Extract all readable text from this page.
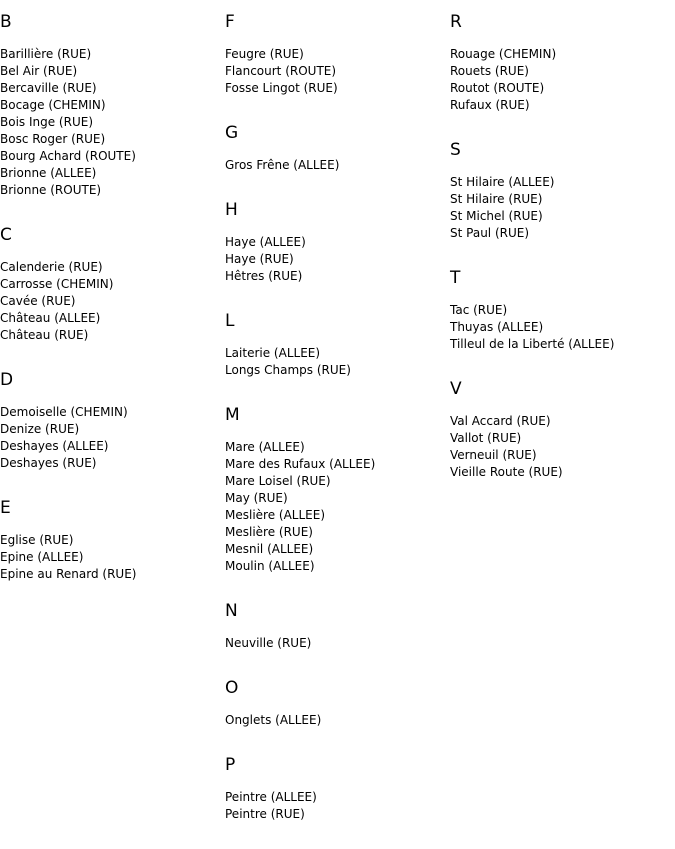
B
Barillière (RUE)
Bel Air (RUE)
Bercaville (RUE)
Bocage (CHEMIN)
Bois Inge (RUE)
Bosc Roger (RUE)
Bourg Achard (ROUTE)
Brionne (ALLEE)
Brionne (ROUTE)
C
Calenderie (RUE)
Carrosse (CHEMIN)
Cavée (RUE)
Château (ALLEE)
Château (RUE)
D
Demoiselle (CHEMIN)
Denize (RUE)
Deshayes (ALLEE)
Deshayes (RUE)
E
Eglise (RUE)
Epine (ALLEE)
Epine au Renard (RUE)
F
Feugre (RUE)
Flancourt (ROUTE)
Fosse Lingot (RUE)
G
Gros Frêne (ALLEE)
H
Haye (ALLEE)
Haye (RUE)
Hêtres (RUE)
L
Laiterie (ALLEE)
Longs Champs (RUE)
M
Mare (ALLEE)
Mare des Rufaux (ALLEE)
Mare Loisel (RUE)
May (RUE)
Meslière (ALLEE)
Meslière (RUE)
Mesnil (ALLEE)
Moulin (ALLEE)
N
Neuville (RUE)
O
Onglets (ALLEE)
P
Peintre (ALLEE)
Peintre (RUE)
R
Rouage (CHEMIN)
Rouets (RUE)
Routot (ROUTE)
Rufaux (RUE)
S
St Hilaire (ALLEE)
St Hilaire (RUE)
St Michel (RUE)
St Paul (RUE)
T
Tac (RUE)
Thuyas (ALLEE)
Tilleul de la Liberté (ALLEE)
V
Val Accard (RUE)
Vallot (RUE)
Verneuil (RUE)
Vieille Route (RUE)
